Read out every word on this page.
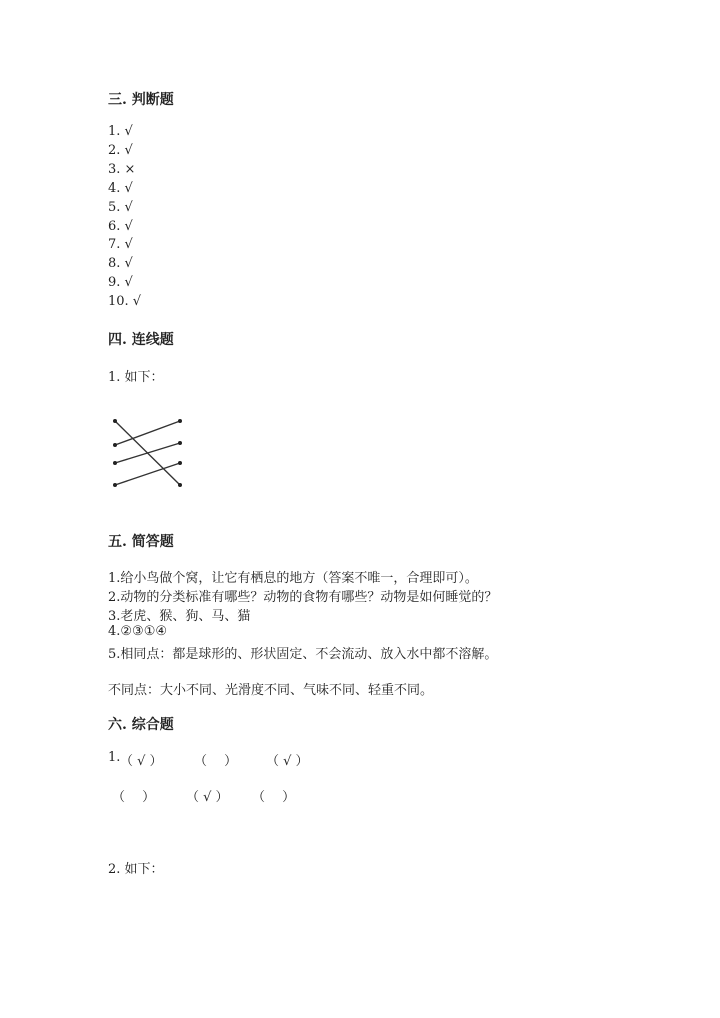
三. 判断题
1. √
2. √
3. ×
4. √
5. √
6. √
7. √
8. √
9. √
10. √
四. 连线题
1. 如下：
五. 简答题
1.给小鸟做个窝，让它有栖息的地方（答案不唯一，合理即可）。
2.动物的分类标准有哪些？动物的食物有哪些？动物是如何睡觉的？
3.老虎、猴、狗、马、猫
4.②③①④
5.相同点：都是球形的、形状固定、不会流动、放入水中都不溶解。
不同点：大小不同、光滑度不同、气味不同、轻重不同。
六. 综合题
1. （ √ ） （　 ） （ √ ）
（　 ） （ √ ） （　 ）
2. 如下：
